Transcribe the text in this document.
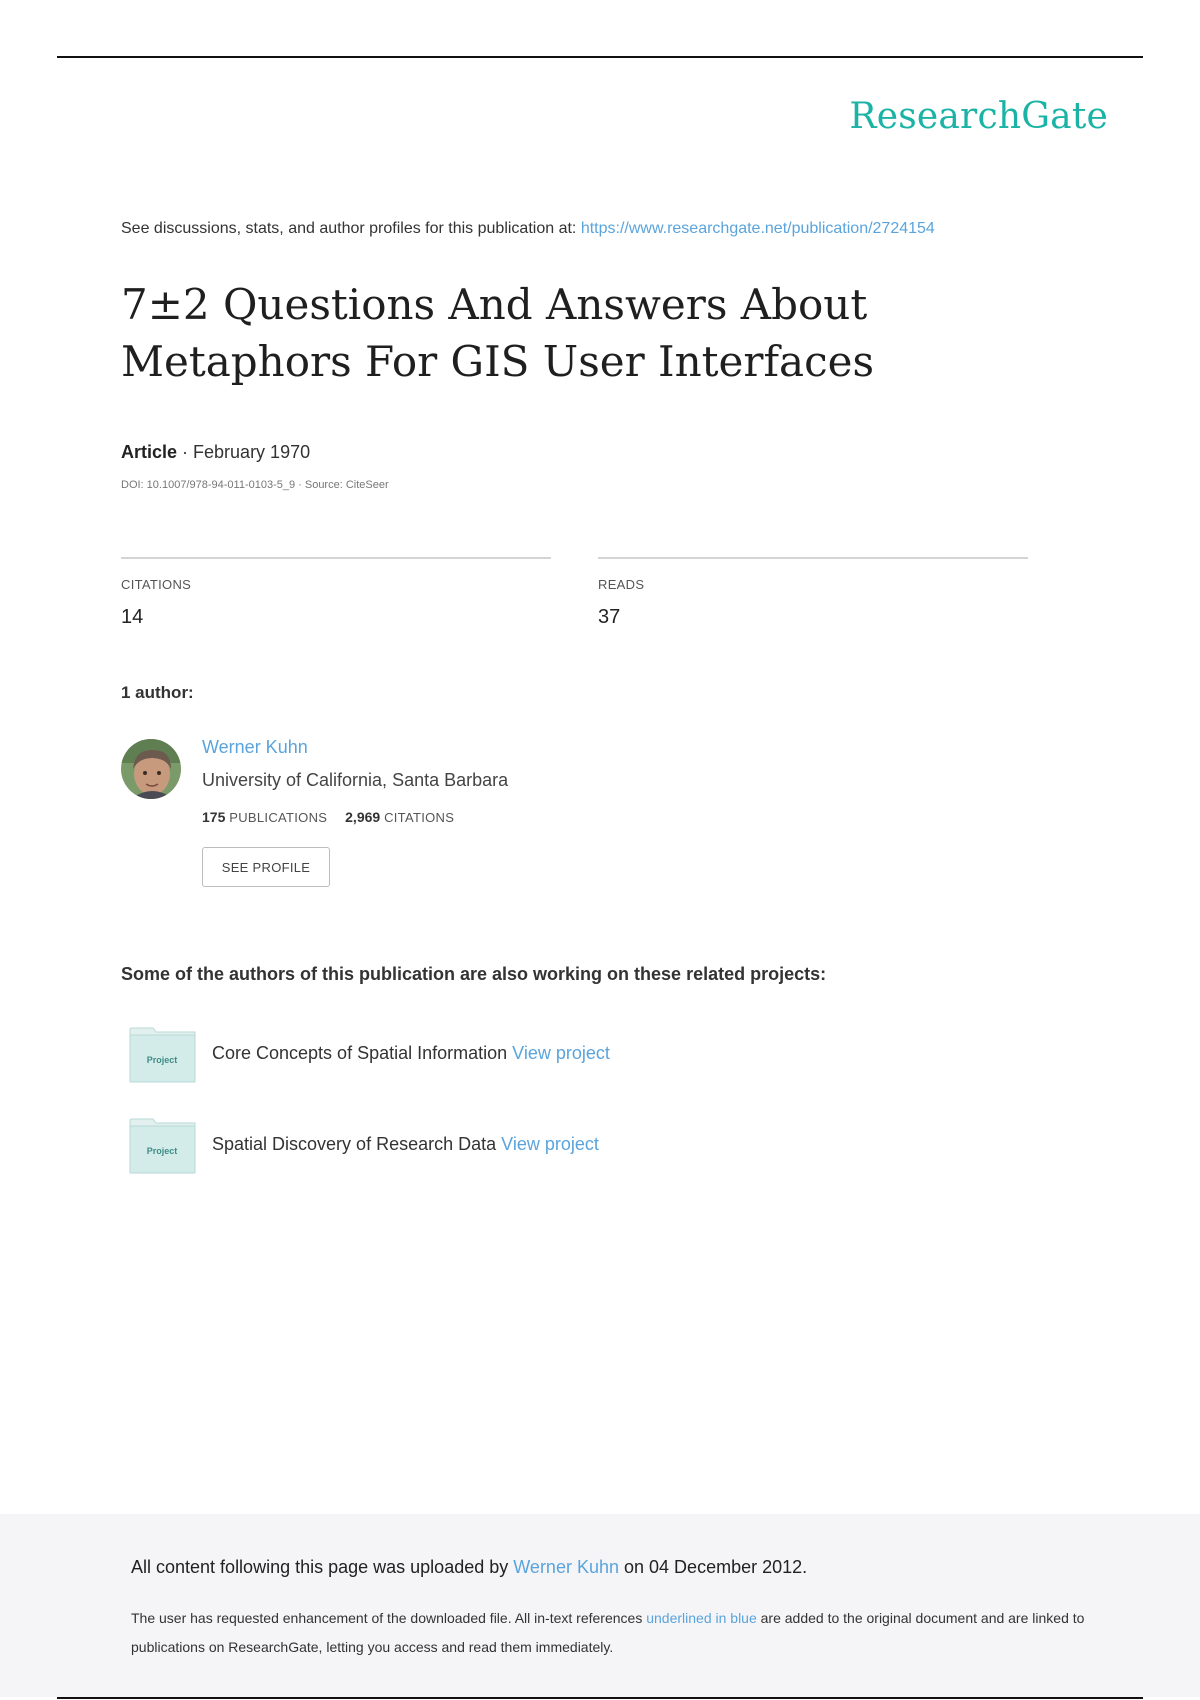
ResearchGate
See discussions, stats, and author profiles for this publication at: https://www.researchgate.net/publication/2724154
7±2 Questions And Answers About Metaphors For GIS User Interfaces
Article · February 1970
DOI: 10.1007/978-94-011-0103-5_9 · Source: CiteSeer
CITATIONS
14
READS
37
1 author:
Werner Kuhn
University of California, Santa Barbara
175 PUBLICATIONS 2,969 CITATIONS
SEE PROFILE
Some of the authors of this publication are also working on these related projects:
Project Core Concepts of Spatial Information View project
Project Spatial Discovery of Research Data View project
All content following this page was uploaded by Werner Kuhn on 04 December 2012.
The user has requested enhancement of the downloaded file. All in-text references underlined in blue are added to the original document and are linked to publications on ResearchGate, letting you access and read them immediately.
